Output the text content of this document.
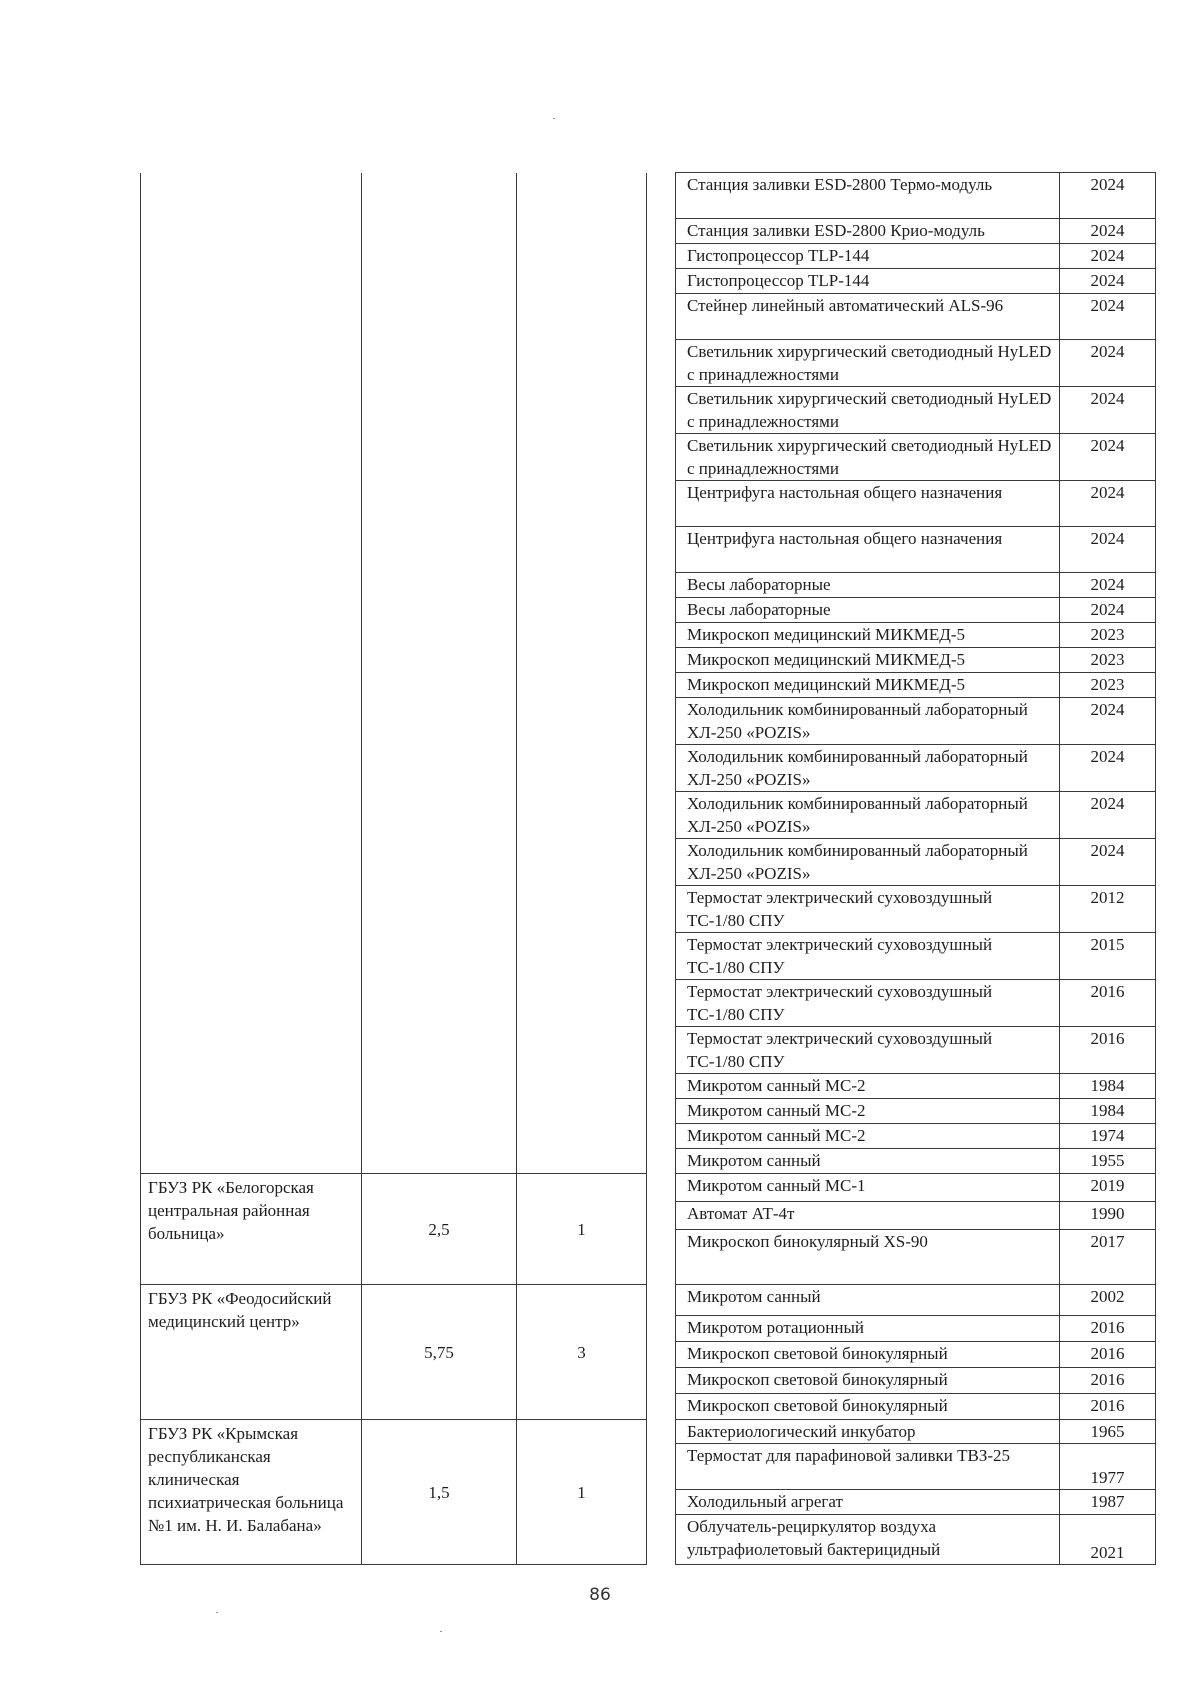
				Станция заливки ESD-2800 Термо-модуль	2024
				Станция заливки ESD-2800 Крио-модуль	2024
				Гистопроцессор TLP-144	2024
				Гистопроцессор TLP-144	2024
				Стейнер линейный автоматический ALS-96	2024
				Светильник хирургический светодиодный HyLED с принадлежностями	2024
				Светильник хирургический светодиодный HyLED с принадлежностями	2024
				Светильник хирургический светодиодный HyLED с принадлежностями	2024
				Центрифуга настольная общего назначения	2024
				Центрифуга настольная общего назначения	2024
				Весы лабораторные	2024
				Весы лабораторные	2024
				Микроскоп медицинский МИКМЕД-5	2023
				Микроскоп медицинский МИКМЕД-5	2023
				Микроскоп медицинский МИКМЕД-5	2023
				Холодильник комбинированный лабораторный ХЛ-250 «POZIS»	2024
				Холодильник комбинированный лабораторный ХЛ-250 «POZIS»	2024
				Холодильник комбинированный лабораторный ХЛ-250 «POZIS»	2024
				Холодильник комбинированный лабораторный ХЛ-250 «POZIS»	2024
				Термостат электрический суховоздушный ТС-1/80 СПУ	2012
				Термостат электрический суховоздушный ТС-1/80 СПУ	2015
				Термостат электрический суховоздушный ТС-1/80 СПУ	2016
				Термостат электрический суховоздушный ТС-1/80 СПУ	2016
				Микротом санный МС-2	1984
				Микротом санный МС-2	1984
				Микротом санный МС-2	1974
				Микротом санный	1955
ГБУЗ РК «Белогорская центральная районная больница»	2,5	1		Микротом санный МС-1	2019
				Автомат АТ-4т	1990
				Микроскоп бинокулярный XS-90	2017
ГБУЗ РК «Феодосийский медицинский центр»	5,75	3		Микротом санный	2002
				Микротом ротационный	2016
				Микроскоп световой бинокулярный	2016
				Микроскоп световой бинокулярный	2016
				Микроскоп световой бинокулярный	2016
ГБУЗ РК «Крымская республиканская клиническая психиатрическая больница №1 им. Н. И. Балабана»	1,5	1		Бактериологический инкубатор	1965
				Термостат для парафиновой заливки ТВЗ-25	1977
				Холодильный агрегат	1987
				Облучатель-рециркулятор воздуха ультрафиолетовый бактерицидный	2021
86
